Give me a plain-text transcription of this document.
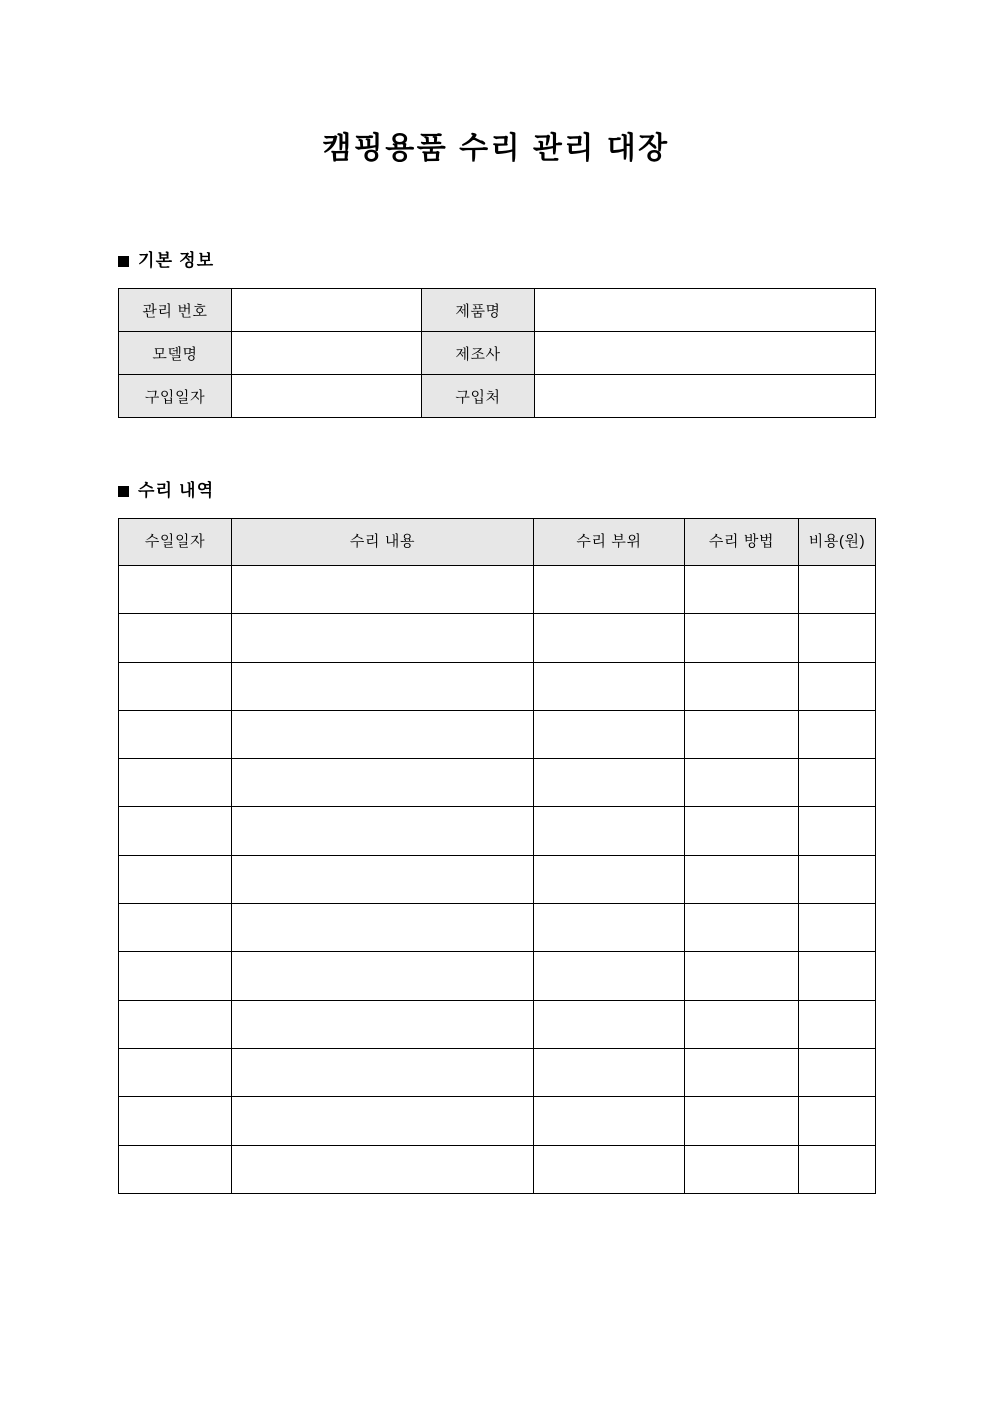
캠핑용품 수리 관리 대장
기본 정보
관리 번호		제품명	
모델명		제조사	
구입일자		구입처	
수리 내역
수일일자	수리 내용	수리 부위	수리 방법	비용(원)
